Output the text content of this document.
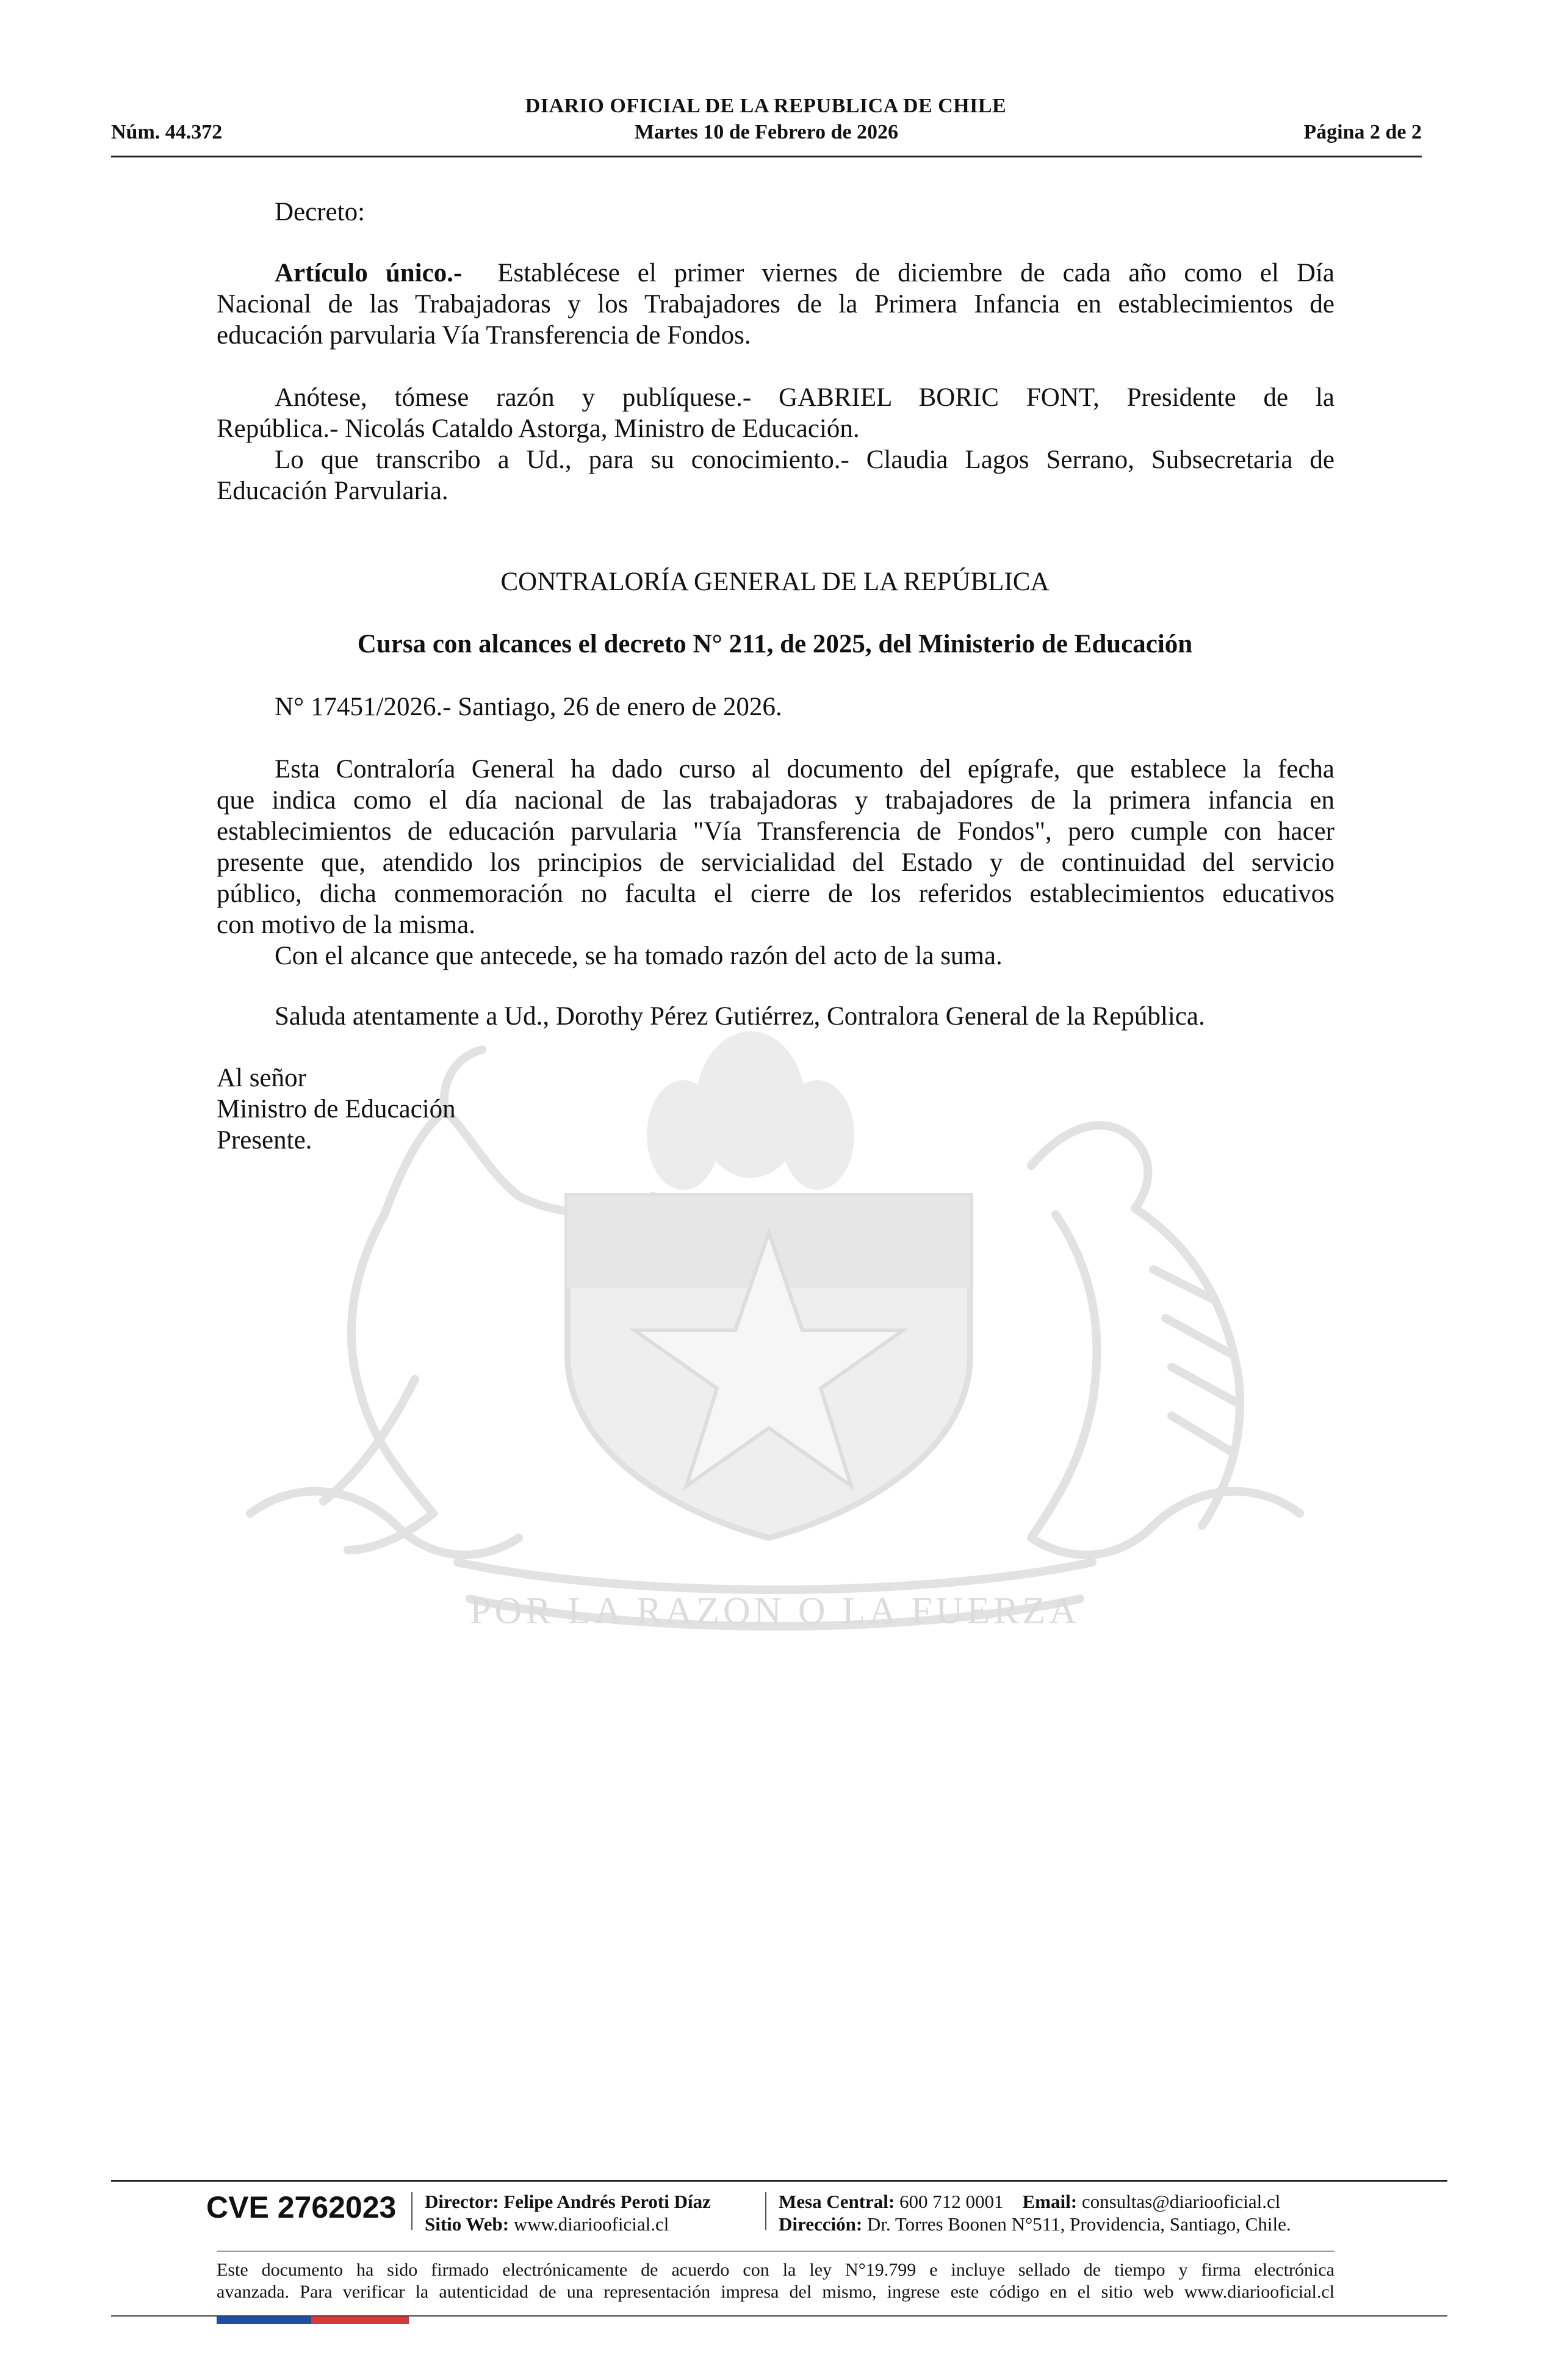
DIARIO OFICIAL DE LA REPUBLICA DE CHILE
Núm. 44.372	Martes 10 de Febrero de 2026	Página 2 de 2
POR LA RAZON O LA FUERZA
Decreto:
Artículo único.- Establécese el primer viernes de diciembre de cada año como el Día
Nacional de las Trabajadoras y los Trabajadores de la Primera Infancia en establecimientos de
educación parvularia Vía Transferencia de Fondos.
Anótese, tómese razón y publíquese.- GABRIEL BORIC FONT, Presidente de la
República.- Nicolás Cataldo Astorga, Ministro de Educación.
Lo que transcribo a Ud., para su conocimiento.- Claudia Lagos Serrano, Subsecretaria de
Educación Parvularia.
CONTRALORÍA GENERAL DE LA REPÚBLICA
Cursa con alcances el decreto N° 211, de 2025, del Ministerio de Educación
N° 17451/2026.- Santiago, 26 de enero de 2026.
Esta Contraloría General ha dado curso al documento del epígrafe, que establece la fecha
que indica como el día nacional de las trabajadoras y trabajadores de la primera infancia en
establecimientos de educación parvularia "Vía Transferencia de Fondos", pero cumple con hacer
presente que, atendido los principios de servicialidad del Estado y de continuidad del servicio
público, dicha conmemoración no faculta el cierre de los referidos establecimientos educativos
con motivo de la misma.
Con el alcance que antecede, se ha tomado razón del acto de la suma.
Saluda atentamente a Ud., Dorothy Pérez Gutiérrez, Contralora General de la República.
Al señor
Ministro de Educación
Presente.
CVE 2762023 Director: Felipe Andrés Peroti Díaz
Sitio Web: www.diariooficial.cl
Mesa Central: 600 712 0001 Email: consultas@diariooficial.cl
Dirección: Dr. Torres Boonen N°511, Providencia, Santiago, Chile.
Este documento ha sido firmado electrónicamente de acuerdo con la ley N°19.799 e incluye sellado de tiempo y firma electrónica
avanzada. Para verificar la autenticidad de una representación impresa del mismo, ingrese este código en el sitio web www.diariooficial.cl
